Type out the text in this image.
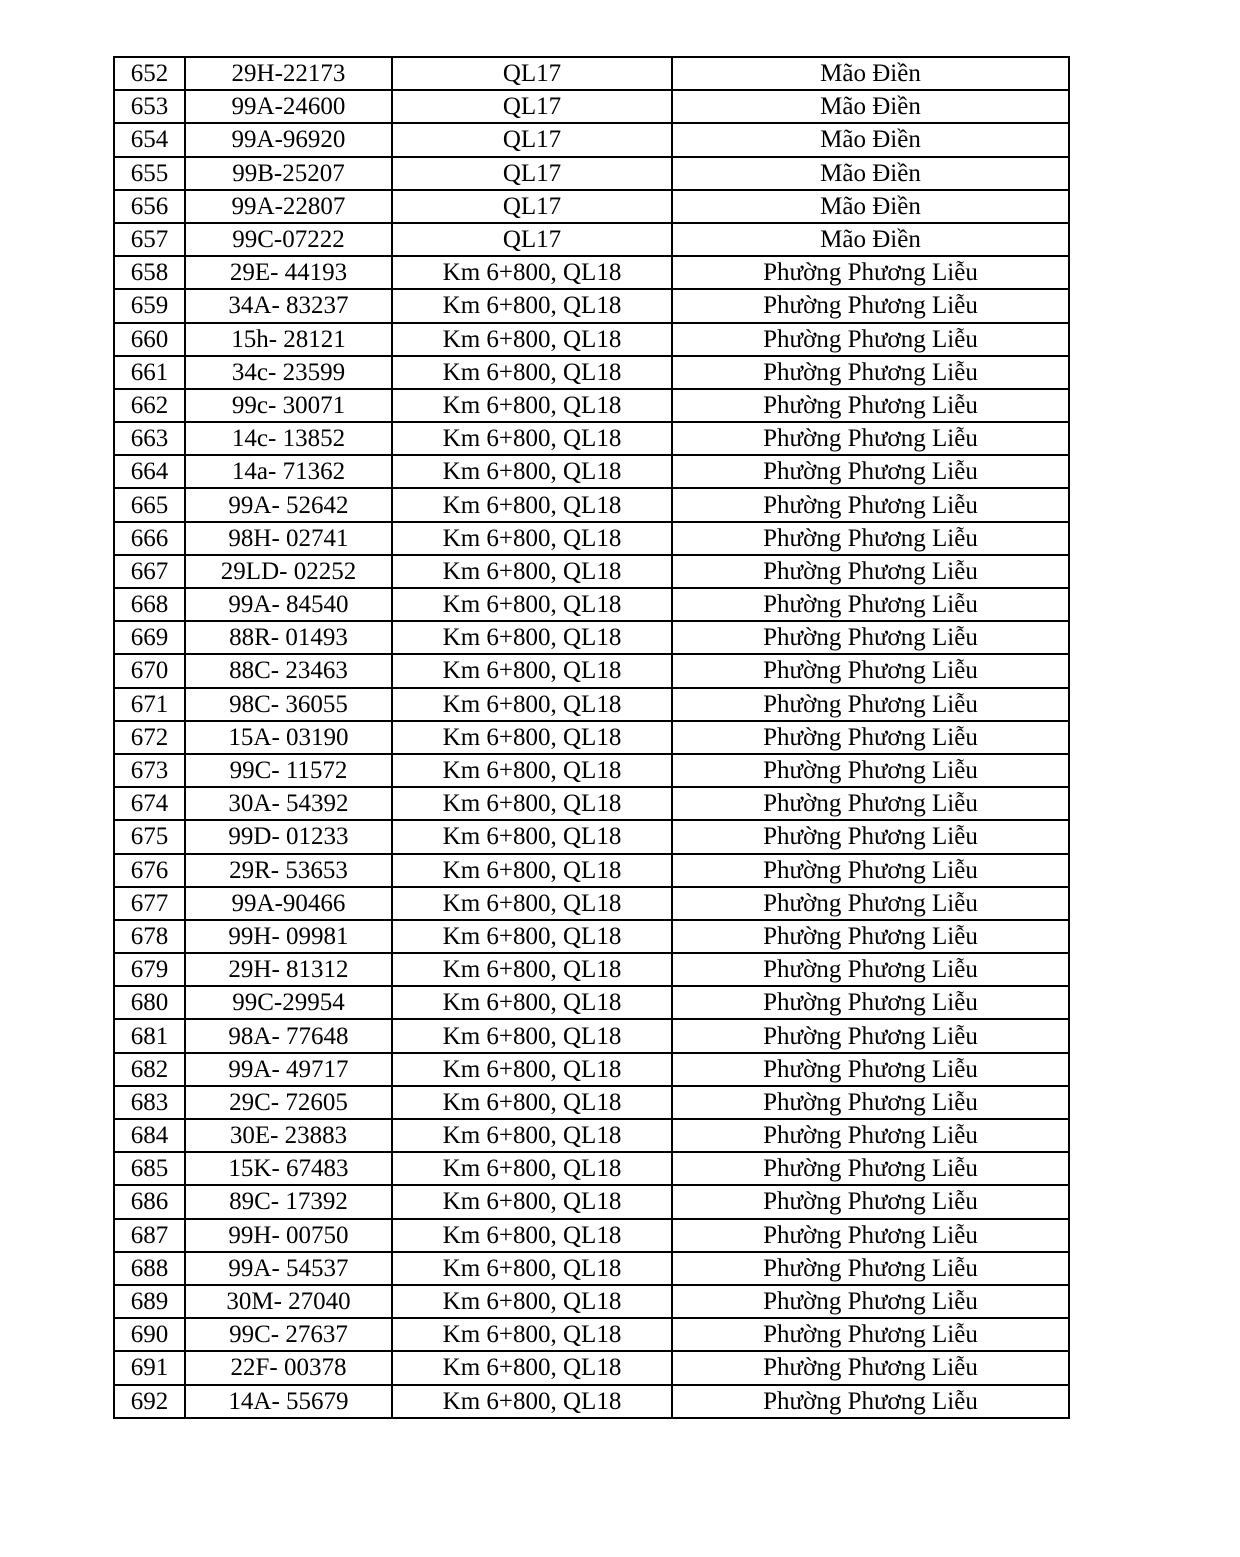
652	29H-22173	QL17	Mão Điền
653	99A-24600	QL17	Mão Điền
654	99A-96920	QL17	Mão Điền
655	99B-25207	QL17	Mão Điền
656	99A-22807	QL17	Mão Điền
657	99C-07222	QL17	Mão Điền
658	29E- 44193	Km 6+800, QL18	Phường Phương Liễu
659	34A- 83237	Km 6+800, QL18	Phường Phương Liễu
660	15h- 28121	Km 6+800, QL18	Phường Phương Liễu
661	34c- 23599	Km 6+800, QL18	Phường Phương Liễu
662	99c- 30071	Km 6+800, QL18	Phường Phương Liễu
663	14c- 13852	Km 6+800, QL18	Phường Phương Liễu
664	14a- 71362	Km 6+800, QL18	Phường Phương Liễu
665	99A- 52642	Km 6+800, QL18	Phường Phương Liễu
666	98H- 02741	Km 6+800, QL18	Phường Phương Liễu
667	29LD- 02252	Km 6+800, QL18	Phường Phương Liễu
668	99A- 84540	Km 6+800, QL18	Phường Phương Liễu
669	88R- 01493	Km 6+800, QL18	Phường Phương Liễu
670	88C- 23463	Km 6+800, QL18	Phường Phương Liễu
671	98C- 36055	Km 6+800, QL18	Phường Phương Liễu
672	15A- 03190	Km 6+800, QL18	Phường Phương Liễu
673	99C- 11572	Km 6+800, QL18	Phường Phương Liễu
674	30A- 54392	Km 6+800, QL18	Phường Phương Liễu
675	99D- 01233	Km 6+800, QL18	Phường Phương Liễu
676	29R- 53653	Km 6+800, QL18	Phường Phương Liễu
677	99A-90466	Km 6+800, QL18	Phường Phương Liễu
678	99H- 09981	Km 6+800, QL18	Phường Phương Liễu
679	29H- 81312	Km 6+800, QL18	Phường Phương Liễu
680	99C-29954	Km 6+800, QL18	Phường Phương Liễu
681	98A- 77648	Km 6+800, QL18	Phường Phương Liễu
682	99A- 49717	Km 6+800, QL18	Phường Phương Liễu
683	29C- 72605	Km 6+800, QL18	Phường Phương Liễu
684	30E- 23883	Km 6+800, QL18	Phường Phương Liễu
685	15K- 67483	Km 6+800, QL18	Phường Phương Liễu
686	89C- 17392	Km 6+800, QL18	Phường Phương Liễu
687	99H- 00750	Km 6+800, QL18	Phường Phương Liễu
688	99A- 54537	Km 6+800, QL18	Phường Phương Liễu
689	30M- 27040	Km 6+800, QL18	Phường Phương Liễu
690	99C- 27637	Km 6+800, QL18	Phường Phương Liễu
691	22F- 00378	Km 6+800, QL18	Phường Phương Liễu
692	14A- 55679	Km 6+800, QL18	Phường Phương Liễu
